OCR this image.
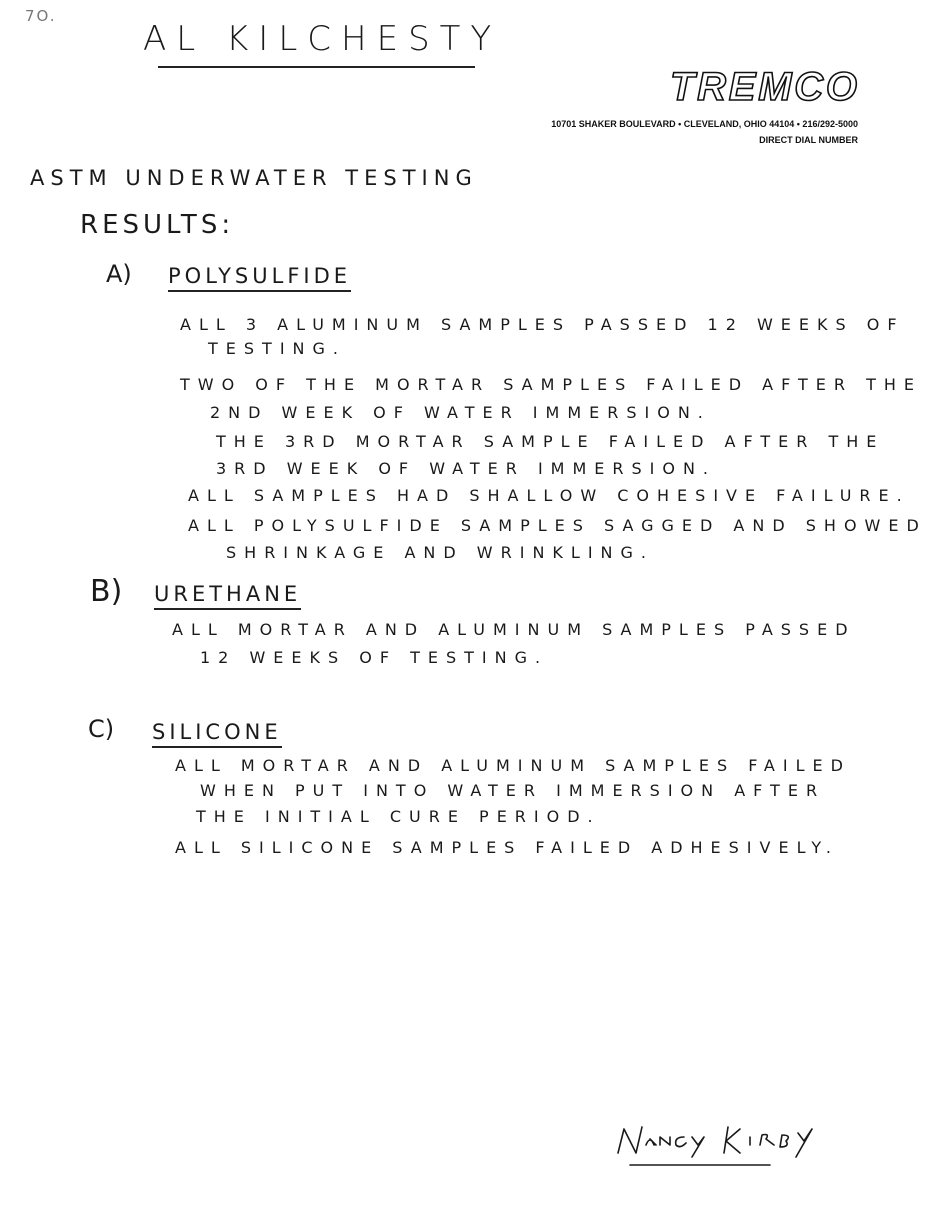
7O.
AL KILCHESTY
TREMCO
10701 SHAKER BOULEVARD • CLEVELAND, OHIO 44104 • 216/292-5000
DIRECT DIAL NUMBER
ASTM UNDERWATER TESTING
RESULTS:
A) POLYSULFIDE
ALL 3 ALUMINUM SAMPLES PASSED 12 WEEKS OF
TESTING.
TWO OF THE MORTAR SAMPLES FAILED AFTER THE
2ND WEEK OF WATER IMMERSION.
THE 3RD MORTAR SAMPLE FAILED AFTER THE
3RD WEEK OF WATER IMMERSION.
ALL SAMPLES HAD SHALLOW COHESIVE FAILURE.
ALL POLYSULFIDE SAMPLES SAGGED AND SHOWED
SHRINKAGE AND WRINKLING.
B) URETHANE
ALL MORTAR AND ALUMINUM SAMPLES PASSED
12 WEEKS OF TESTING.
C) SILICONE
ALL MORTAR AND ALUMINUM SAMPLES FAILED
WHEN PUT INTO WATER IMMERSION AFTER
THE INITIAL CURE PERIOD.
ALL SILICONE SAMPLES FAILED ADHESIVELY.
